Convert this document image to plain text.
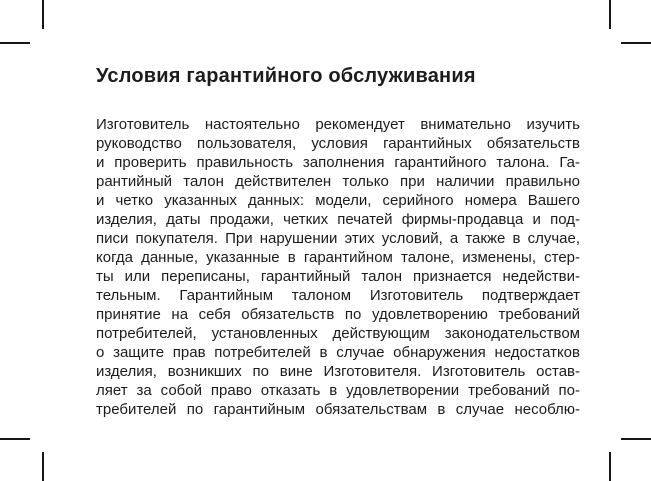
Условия гарантийного обслуживания
Изготовитель настоятельно рекомендует внимательно изучить
руководство пользователя, условия гарантийных обязательств
и проверить правильность заполнения гарантийного талона. Га-
рантийный талон действителен только при наличии правильно
и четко указанных данных: модели, серийного номера Вашего
изделия, даты продажи, четких печатей фирмы-продавца и под-
писи покупателя. При нарушении этих условий, а также в случае,
когда данные, указанные в гарантийном талоне, изменены, стер-
ты или переписаны, гарантийный талон признается недействи-
тельным. Гарантийным талоном Изготовитель подтверждает
принятие на себя обязательств по удовлетворению требований
потребителей, установленных действующим законодательством
о защите прав потребителей в случае обнаружения недостатков
изделия, возникших по вине Изготовителя. Изготовитель остав-
ляет за собой право отказать в удовлетворении требований по-
требителей по гарантийным обязательствам в случае несоблю-
